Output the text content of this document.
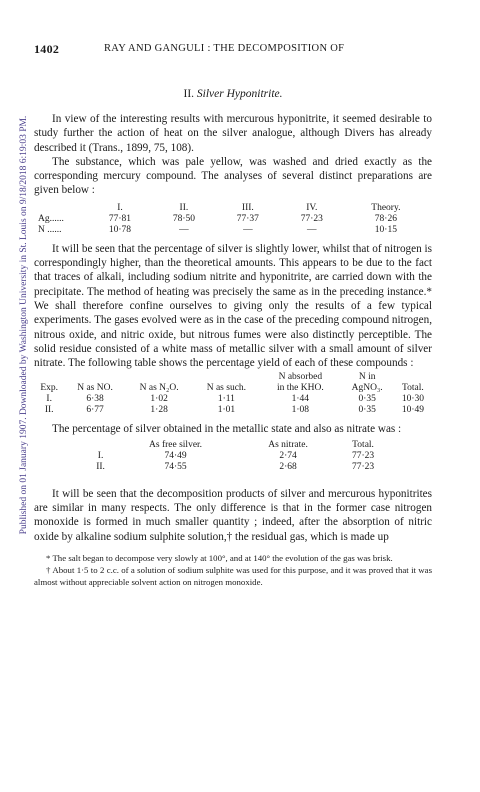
Published on 01 January 1907. Downloaded by Washington University in St. Louis on 9/18/2018 6:19:03 PM.
1402	RAY AND GANGULI : THE DECOMPOSITION OF
II. Silver Hyponitrite.

In view of the interesting results with mercurous hyponitrite, it seemed desirable to study further the action of heat on the silver analogue, although Divers has already described it (Trans., 1899, 75, 108).

The substance, which was pale yellow, was washed and dried exactly as the corresponding mercury compound. The analyses of several distinct preparations are given below :

	I.	II.	III.	IV.	Theory.
Ag......	77·81	78·50	77·37	77·23	78·26
N ......	10·78	—	—	—	10·15

It will be seen that the percentage of silver is slightly lower, whilst that of nitrogen is correspondingly higher, than the theoretical amounts. This appears to be due to the fact that traces of alkali, including sodium nitrite and hyponitrite, are carried down with the precipitate. The method of heating was precisely the same as in the preceding instance.* We shall therefore confine ourselves to giving only the results of a few typical experiments. The gases evolved were as in the case of the preceding compound nitrogen, nitrous oxide, and nitric oxide, but nitrous fumes were also distinctly perceptible. The solid residue consisted of a white mass of metallic silver with a small amount of silver nitrate. The following table shows the percentage yield of each of these compounds :

				N absorbed	N in	
Exp.	N as NO.	N as N₂O.	N as such.	in the KHO.	AgNO₃.	Total.
I.	6·38	1·02	1·11	1·44	0·35	10·30
II.	6·77	1·28	1·01	1·08	0·35	10·49

The percentage of silver obtained in the metallic state and also as nitrate was :

	As free silver.	As nitrate.	Total.
I.	74·49	2·74	77·23
II.	74·55	2·68	77·23

It will be seen that the decomposition products of silver and mercurous hyponitrites are similar in many respects. The only difference is that in the former case nitrogen monoxide is formed in much smaller quantity ; indeed, after the absorption of nitric oxide by alkaline sodium sulphite solution,† the residual gas, which is made up

* The salt began to decompose very slowly at 100°, and at 140° the evolution of the gas was brisk.
† About 1·5 to 2 c.c. of a solution of sodium sulphite was used for this purpose, and it was proved that it was almost without appreciable solvent action on nitrogen monoxide.
